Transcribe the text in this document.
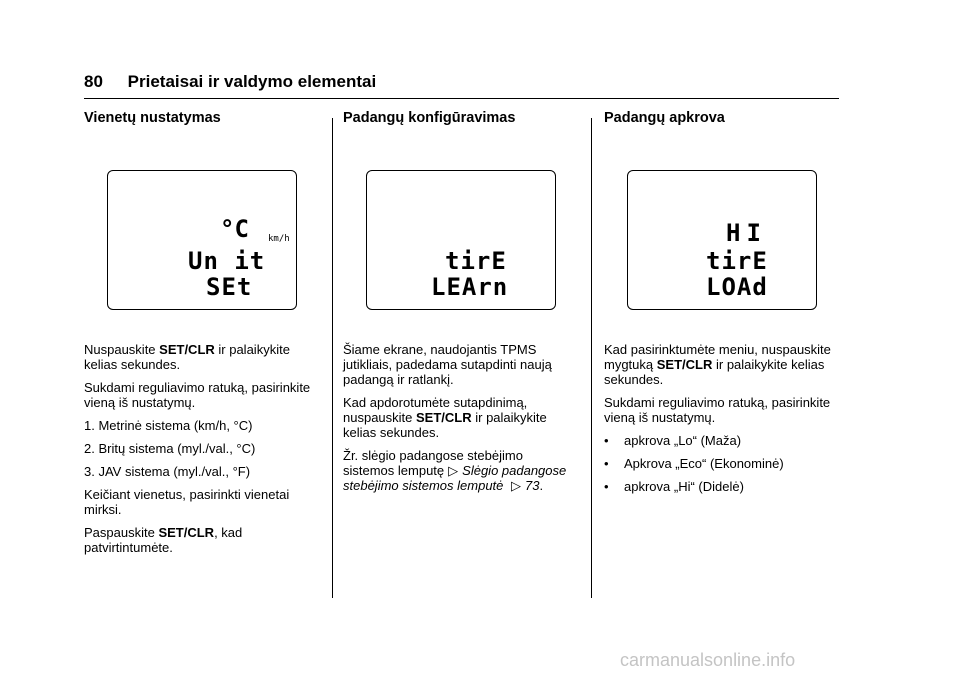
80 Prietaisai ir valdymo elementai
Vienetų nustatymas
°C km/h
Un it
SEt

Nuspauskite SET/CLR ir palaikykite kelias sekundes.

Sukdami reguliavimo ratuką, pasirinkite vieną iš nustatymų.

1. Metrinė sistema (km/h, °C)

2. Britų sistema (myl./val., °C)

3. JAV sistema (myl./val., °F)

Keičiant vienetus, pasirinkti vienetai mirksi.

Paspauskite SET/CLR, kad patvirtintumėte.

Padangų konfigūravimas
tirE
LEArn

Šiame ekrane, naudojantis TPMS jutikliais, padedama sutapdinti naują padangą ir ratlankį.

Kad apdorotumėte sutapdinimą, nuspauskite SET/CLR ir palaikykite kelias sekundes.

Žr. slėgio padangose stebėjimo sistemos lemputę ▷ Slėgio padangose stebėjimo sistemos lemputė ▷ 73.

Padangų apkrova
HI
tirE
LOAd

Kad pasirinktumėte meniu, nuspauskite mygtuką SET/CLR ir palaikykite kelias sekundes.

Sukdami reguliavimo ratuką, pasirinkite vieną iš nustatymų.

•	apkrova „Lo“ (Maža)
•	Apkrova „Eco“ (Ekonominė)
•	apkrova „Hi“ (Didelė)
carmanualsonline.info
